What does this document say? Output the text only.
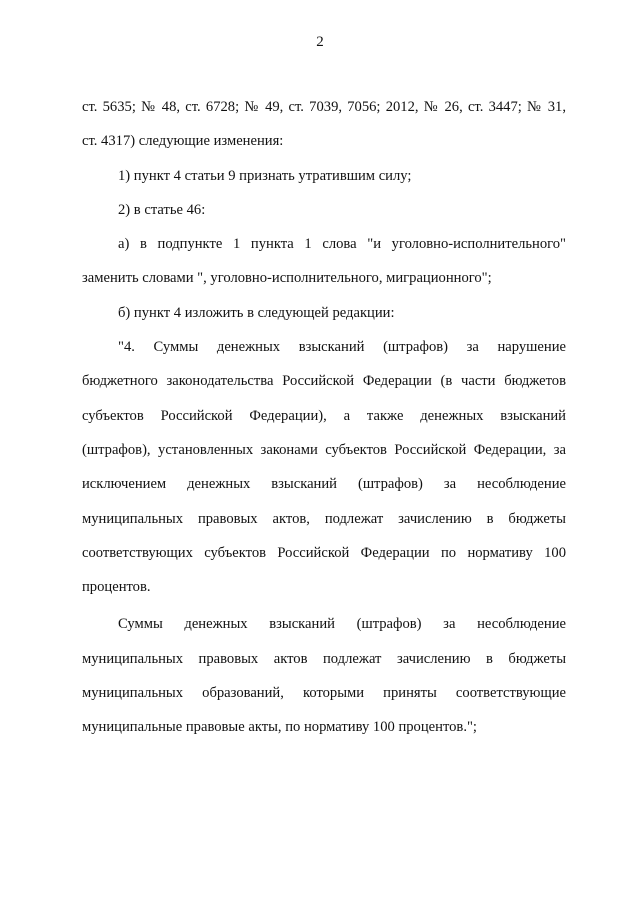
2
ст. 5635; № 48, ст. 6728; № 49, ст. 7039, 7056; 2012, № 26, ст. 3447; № 31,
ст. 4317) следующие изменения:
1) пункт 4 статьи 9 признать утратившим силу;
2) в статье 46:
а) в подпункте 1 пункта 1 слова "и уголовно-исполнительного"
заменить словами ", уголовно-исполнительного, миграционного";
б) пункт 4 изложить в следующей редакции:
"4. Суммы денежных взысканий (штрафов) за нарушение
бюджетного законодательства Российской Федерации (в части бюджетов
субъектов Российской Федерации), а также денежных взысканий
(штрафов), установленных законами субъектов Российской Федерации, за
исключением денежных взысканий (штрафов) за несоблюдение
муниципальных правовых актов, подлежат зачислению в бюджеты
соответствующих субъектов Российской Федерации по нормативу 100
процентов.
Суммы денежных взысканий (штрафов) за несоблюдение
муниципальных правовых актов подлежат зачислению в бюджеты
муниципальных образований, которыми приняты соответствующие
муниципальные правовые акты, по нормативу 100 процентов.";
